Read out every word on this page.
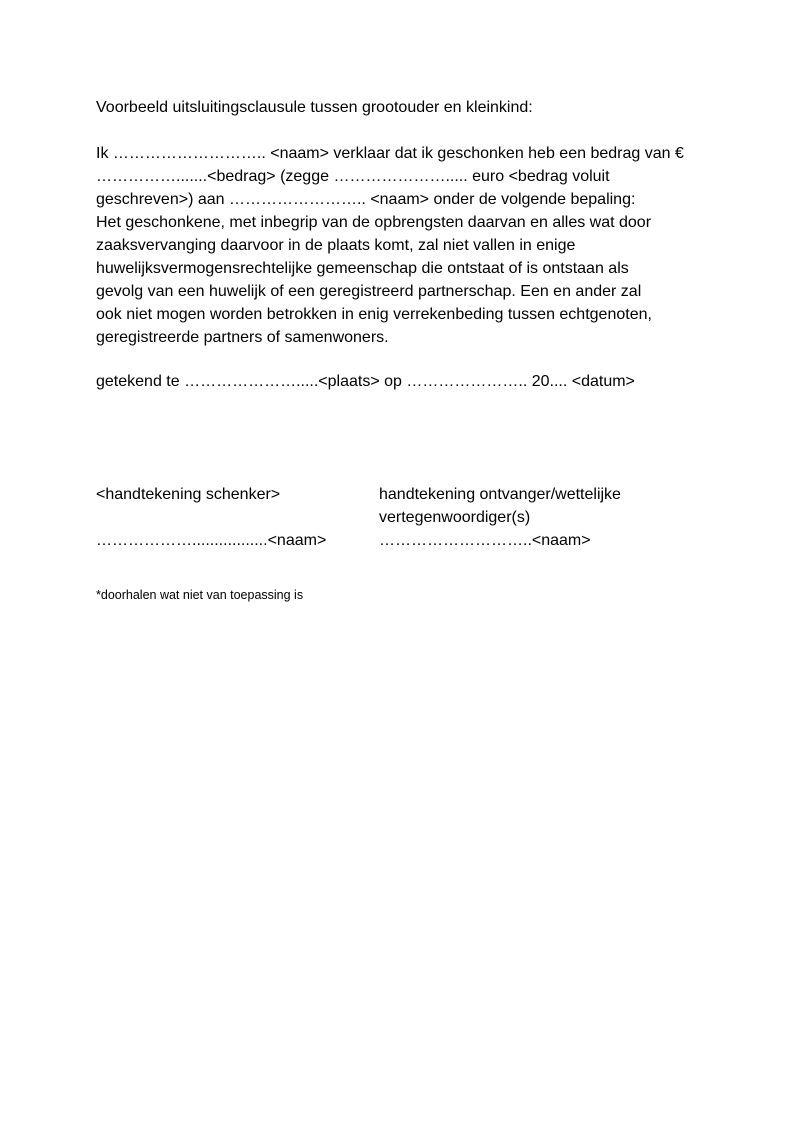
Voorbeeld uitsluitingsclausule tussen grootouder en kleinkind:
Ik ……………………….. <naam> verklaar dat ik geschonken heb een bedrag van €
…………….......<bedrag> (zegge …………………..... euro <bedrag voluit
geschreven>) aan …………………….. <naam> onder de volgende bepaling:
Het geschonkene, met inbegrip van de opbrengsten daarvan en alles wat door
zaaksvervanging daarvoor in de plaats komt, zal niet vallen in enige
huwelijksvermogensrechtelijke gemeenschap die ontstaat of is ontstaan als
gevolg van een huwelijk of een geregistreerd partnerschap. Een en ander zal
ook niet mogen worden betrokken in enig verrekenbeding tussen echtgenoten,
geregistreerde partners of samenwoners.
getekend te ………………….....<plaats> op ………………….. 20.... <datum>
<handtekening schenker>

……………….................<naam>
handtekening ontvanger/wettelijke
vertegenwoordiger(s)
………………………..<naam>
*doorhalen wat niet van toepassing is
